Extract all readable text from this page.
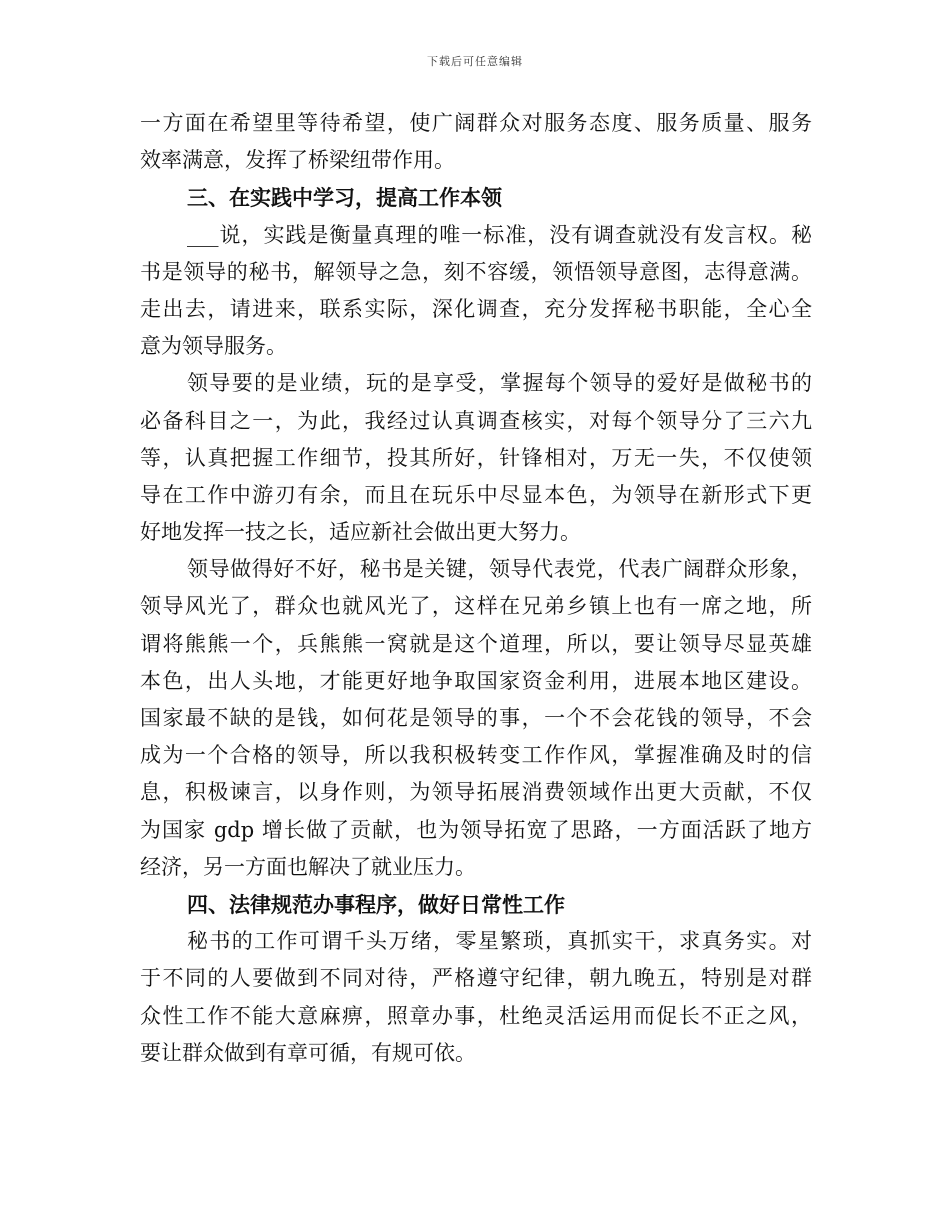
下载后可任意编辑
一方面在希望里等待希望，使广阔群众对服务态度、服务质量、服务
效率满意，发挥了桥梁纽带作用。
三、在实践中学习，提高工作本领
___说，实践是衡量真理的唯一标准，没有调查就没有发言权。秘
书是领导的秘书，解领导之急，刻不容缓，领悟领导意图，志得意满。
走出去，请进来，联系实际，深化调查，充分发挥秘书职能，全心全
意为领导服务。
领导要的是业绩，玩的是享受，掌握每个领导的爱好是做秘书的
必备科目之一，为此，我经过认真调查核实，对每个领导分了三六九
等，认真把握工作细节，投其所好，针锋相对，万无一失，不仅使领
导在工作中游刃有余，而且在玩乐中尽显本色，为领导在新形式下更
好地发挥一技之长，适应新社会做出更大努力。
领导做得好不好，秘书是关键，领导代表党，代表广阔群众形象，
领导风光了，群众也就风光了，这样在兄弟乡镇上也有一席之地，所
谓将熊熊一个，兵熊熊一窝就是这个道理，所以，要让领导尽显英雄
本色，出人头地，才能更好地争取国家资金利用，进展本地区建设。
国家最不缺的是钱，如何花是领导的事，一个不会花钱的领导，不会
成为一个合格的领导，所以我积极转变工作作风，掌握准确及时的信
息，积极谏言，以身作则，为领导拓展消费领域作出更大贡献，不仅
为国家 gdp 增长做了贡献，也为领导拓宽了思路，一方面活跃了地方
经济，另一方面也解决了就业压力。
四、法律规范办事程序，做好日常性工作
秘书的工作可谓千头万绪，零星繁琐，真抓实干，求真务实。对
于不同的人要做到不同对待，严格遵守纪律，朝九晚五，特别是对群
众性工作不能大意麻痹，照章办事，杜绝灵活运用而促长不正之风，
要让群众做到有章可循，有规可依。
